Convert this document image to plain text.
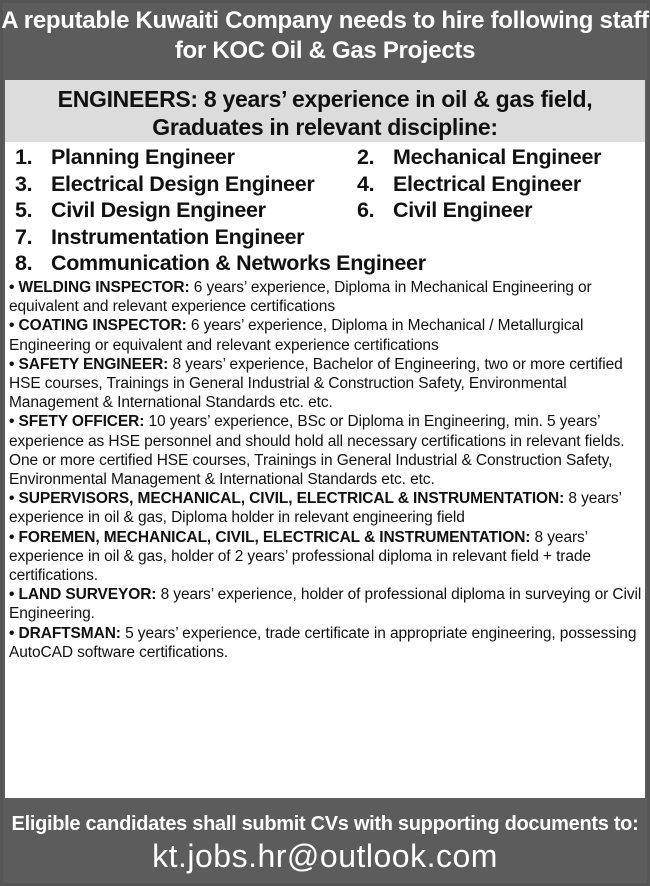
A reputable Kuwaiti Company needs to hire following staff
for KOC Oil & Gas Projects
ENGINEERS: 8 years’ experience in oil & gas field,
Graduates in relevant discipline:
1. Planning Engineer	2. Mechanical Engineer
3. Electrical Design Engineer 4. Electrical Engineer
5. Civil Design Engineer	6. Civil Engineer
7. Instrumentation Engineer
8. Communication & Networks Engineer

• WELDING INSPECTOR: 6 years’ experience, Diploma in Mechanical Engineering or equivalent and relevant experience certifications

• COATING INSPECTOR: 6 years’ experience, Diploma in Mechanical / Metallurgical Engineering or equivalent and relevant experience certifications

• SAFETY ENGINEER: 8 years’ experience, Bachelor of Engineering, two or more certified HSE courses, Trainings in General Industrial & Construction Safety, Environmental Management & International Standards etc. etc.

• SFETY OFFICER: 10 years’ experience, BSc or Diploma in Engineering, min. 5 years’ experience as HSE personnel and should hold all necessary certifications in relevant fields. One or more certified HSE courses, Trainings in General Industrial & Construction Safety, Environmental Management & International Standards etc. etc.

• SUPERVISORS, MECHANICAL, CIVIL, ELECTRICAL & INSTRUMENTATION: 8 years’ experience in oil & gas, Diploma holder in relevant engineering field

• FOREMEN, MECHANICAL, CIVIL, ELECTRICAL & INSTRUMENTATION: 8 years’ experience in oil & gas, holder of 2 years’ professional diploma in relevant field + trade certifications.

• LAND SURVEYOR: 8 years’ experience, holder of professional diploma in surveying or Civil Engineering.

• DRAFTSMAN: 5 years’ experience, trade certificate in appropriate engineering, possessing AutoCAD software certifications.

Eligible candidates shall submit CVs with supporting documents to:
kt.jobs.hr@outlook.com
